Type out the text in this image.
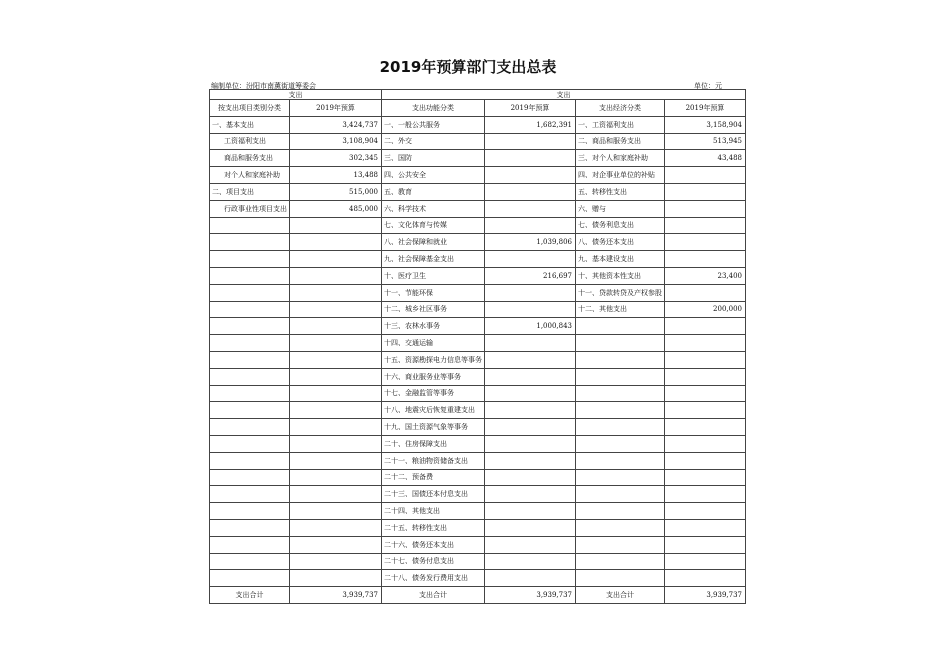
2019年预算部门支出总表
编制单位：汾阳市南薰街道筹委会	单位：元
支出		支出			
按支出项目类别分类	2019年预算	支出功能分类	2019年预算	支出经济分类	2019年预算
一、基本支出	3,424,737	一、一般公共服务	1,682,391	一、工资福利支出	3,158,904
工资福利支出	3,108,904	二、外交		二、商品和服务支出	513,945
商品和服务支出	302,345	三、国防		三、对个人和家庭补助	43,488
对个人和家庭补助	13,488	四、公共安全		四、对企事业单位的补贴	
二、项目支出	515,000	五、教育		五、转移性支出	
行政事业性项目支出	485,000	六、科学技术		六、赠与	
		七、文化体育与传媒		七、债务利息支出	
		八、社会保障和就业	1,039,806	八、债务还本支出	
		九、社会保障基金支出		九、基本建设支出	
		十、医疗卫生	216,697	十、其他资本性支出	23,400
		十一、节能环保		十一、贷款转贷及产权参股	
		十二、城乡社区事务		十二、其他支出	200,000
		十三、农林水事务	1,000,843		
		十四、交通运输			
		十五、资源勘探电力信息等事务			
		十六、商业服务业等事务			
		十七、金融监管等事务			
		十八、地震灾后恢复重建支出			
		十九、国土资源气象等事务			
		二十、住房保障支出			
		二十一、粮油物资储备支出			
		二十二、预备费			
		二十三、国债还本付息支出			
		二十四、其他支出			
		二十五、转移性支出			
		二十六、债务还本支出			
		二十七、债务付息支出			
		二十八、债务发行费用支出			
支出合计	3,939,737	支出合计	3,939,737	支出合计	3,939,737
